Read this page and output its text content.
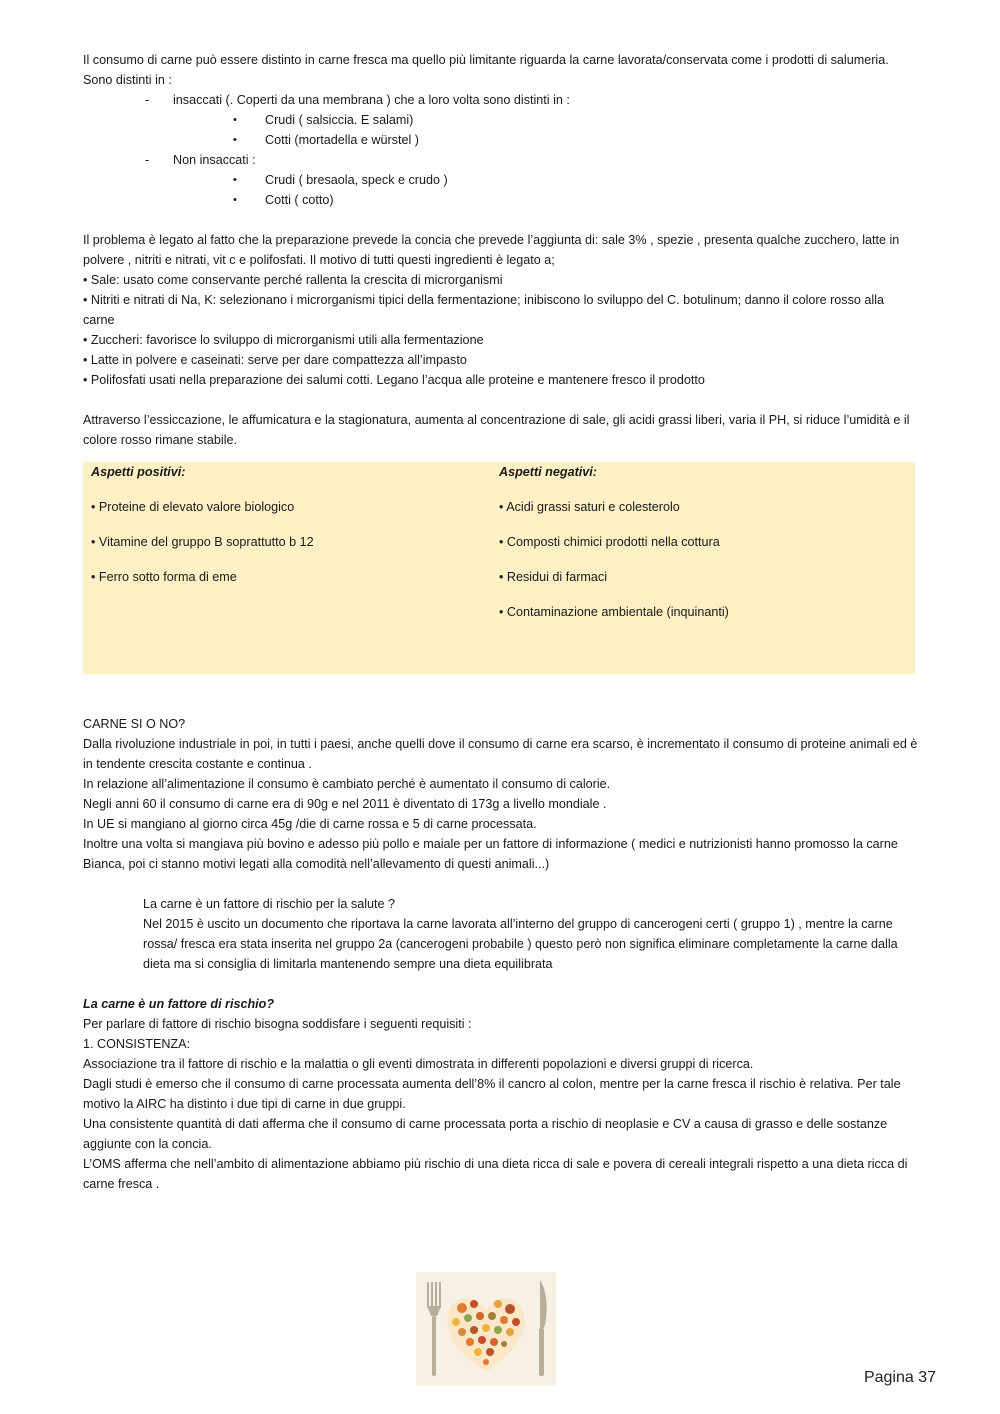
Il consumo di carne può essere distinto in carne fresca ma quello più limitante riguarda la carne lavorata/conservata come i prodotti di salumeria.

Sono distinti in :

- insaccati (. Coperti da una membrana ) che a loro volta sono distinti in :

• Crudi ( salsiccia. E salami)

• Cotti (mortadella e würstel )

- Non insaccati :

• Crudi ( bresaola, speck e crudo )

• Cotti ( cotto)

Il problema è legato al fatto che la preparazione prevede la concia che prevede l’aggiunta di: sale 3% , spezie , presenta qualche zucchero, latte in polvere , nitriti e nitrati, vit c e polifosfati. Il motivo di tutti questi ingredienti è legato a;

• Sale: usato come conservante perché rallenta la crescita di microrganismi

• Nitriti e nitrati di Na, K: selezionano i microrganismi tipici della fermentazione; inibiscono lo sviluppo del C. botulinum; danno il colore rosso alla carne

• Zuccheri: favorisce lo sviluppo di microrganismi utili alla fermentazione

• Latte in polvere e caseinati: serve per dare compattezza all’impasto

• Polifosfati usati nella preparazione dei salumi cotti. Legano l’acqua alle proteine e mantenere fresco il prodotto

Attraverso l’essiccazione, le affumicatura e la stagionatura, aumenta al concentrazione di sale, gli acidi grassi liberi, varia il PH, si riduce l’umidità e il colore rosso rimane stabile.

Aspetti positivi:

• Proteine di elevato valore biologico

• Vitamine del gruppo B soprattutto b 12

• Ferro sotto forma di eme

Aspetti negativi:

• Acidi grassi saturi e colesterolo

• Composti chimici prodotti nella cottura

• Residui di farmaci

• Contaminazione ambientale (inquinanti)

CARNE SI O NO?

Dalla rivoluzione industriale in poi, in tutti i paesi, anche quelli dove il consumo di carne era scarso, è incrementato il consumo di proteine animali ed è in tendente crescita costante e continua .

In relazione all’alimentazione il consumo è cambiato perché è aumentato il consumo di calorie.

Negli anni 60 il consumo di carne era di 90g e nel 2011 è diventato di 173g a livello mondiale .

In UE si mangiano al giorno circa 45g /die di carne rossa e 5 di carne processata.

Inoltre una volta si mangiava più bovino e adesso più pollo e maiale per un fattore di informazione ( medici e nutrizionisti hanno promosso la carne Bianca, poi ci stanno motivi legati alla comodità nell’allevamento di questi animali...)

La carne è un fattore di rischio per la salute ?

Nel 2015 è uscito un documento che riportava la carne lavorata all’interno del gruppo di cancerogeni certi ( gruppo 1) , mentre la carne rossa/ fresca era stata inserita nel gruppo 2a (cancerogeni probabile ) questo però non significa eliminare completamente la carne dalla dieta ma si consiglia di limitarla mantenendo sempre una dieta equilibrata

La carne è un fattore di rischio?

Per parlare di fattore di rischio bisogna soddisfare i seguenti requisiti :

1. CONSISTENZA:

Associazione tra il fattore di rischio e la malattia o gli eventi dimostrata in differenti popolazioni e diversi gruppi di ricerca.

Dagli studi è emerso che il consumo di carne processata aumenta dell’8% il cancro al colon, mentre per la carne fresca il rischio è relativa. Per tale motivo la AIRC ha distinto i due tipi di carne in due gruppi.

Una consistente quantità di dati afferma che il consumo di carne processata porta a rischio di neoplasie e CV a causa di grasso e delle sostanze aggiunte con la concia.

L’OMS afferma che nell’ambito di alimentazione abbiamo più rischio di una dieta ricca di sale e povera di cereali integrali rispetto a una dieta ricca di carne fresca .

Pagina 37
